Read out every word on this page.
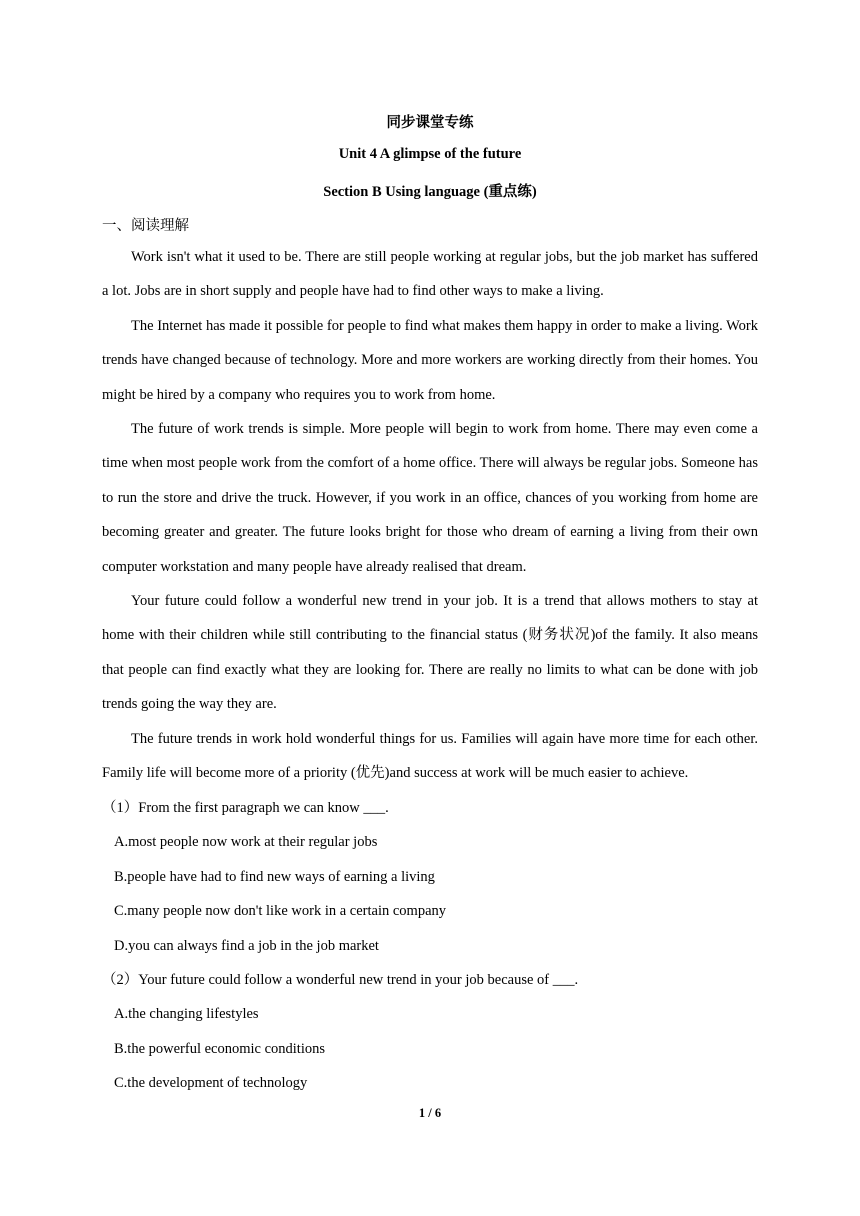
同步课堂专练
Unit 4 A glimpse of the future
Section B Using language (重点练)
一、阅读理解

Work isn't what it used to be. There are still people working at regular jobs, but the job market has suffered a lot. Jobs are in short supply and people have had to find other ways to make a living.

The Internet has made it possible for people to find what makes them happy in order to make a living. Work trends have changed because of technology. More and more workers are working directly from their homes. You might be hired by a company who requires you to work from home.

The future of work trends is simple. More people will begin to work from home. There may even come a time when most people work from the comfort of a home office. There will always be regular jobs. Someone has to run the store and drive the truck. However, if you work in an office, chances of you working from home are becoming greater and greater. The future looks bright for those who dream of earning a living from their own computer workstation and many people have already realised that dream.

Your future could follow a wonderful new trend in your job. It is a trend that allows mothers to stay at home with their children while still contributing to the financial status (财务状况)of the family. It also means that people can find exactly what they are looking for. There are really no limits to what can be done with job trends going the way they are.

The future trends in work hold wonderful things for us. Families will again have more time for each other. Family life will become more of a priority (优先)and success at work will be much easier to achieve.

（1）From the first paragraph we can know ___.

A.most people now work at their regular jobs

B.people have had to find new ways of earning a living

C.many people now don't like work in a certain company

D.you can always find a job in the job market

（2）Your future could follow a wonderful new trend in your job because of ___.

A.the changing lifestyles

B.the powerful economic conditions

C.the development of technology

1 / 6
